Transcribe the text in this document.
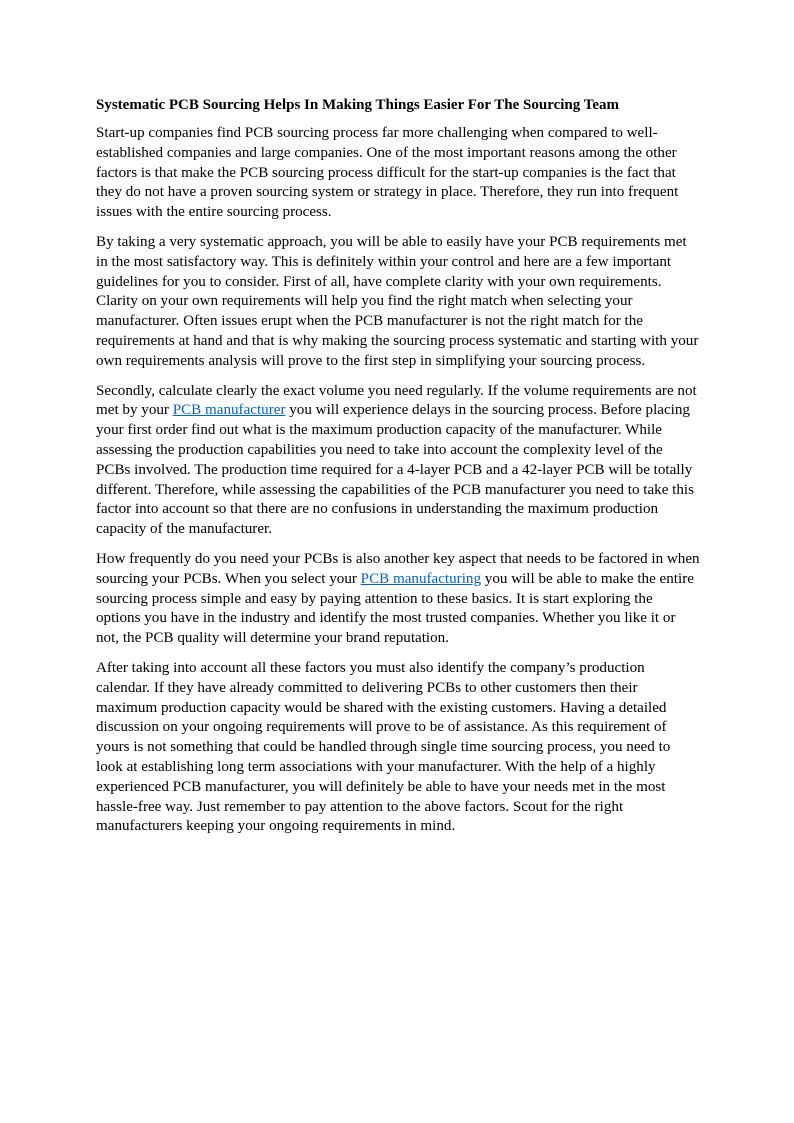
Systematic PCB Sourcing Helps In Making Things Easier For The Sourcing Team

Start-up companies find PCB sourcing process far more challenging when compared to well-established companies and large companies. One of the most important reasons among the other factors is that make the PCB sourcing process difficult for the start-up companies is the fact that they do not have a proven sourcing system or strategy in place. Therefore, they run into frequent issues with the entire sourcing process.

By taking a very systematic approach, you will be able to easily have your PCB requirements met in the most satisfactory way. This is definitely within your control and here are a few important guidelines for you to consider. First of all, have complete clarity with your own requirements. Clarity on your own requirements will help you find the right match when selecting your manufacturer. Often issues erupt when the PCB manufacturer is not the right match for the requirements at hand and that is why making the sourcing process systematic and starting with your own requirements analysis will prove to the first step in simplifying your sourcing process.

Secondly, calculate clearly the exact volume you need regularly. If the volume requirements are not met by your PCB manufacturer you will experience delays in the sourcing process. Before placing your first order find out what is the maximum production capacity of the manufacturer. While assessing the production capabilities you need to take into account the complexity level of the PCBs involved. The production time required for a 4-layer PCB and a 42-layer PCB will be totally different. Therefore, while assessing the capabilities of the PCB manufacturer you need to take this factor into account so that there are no confusions in understanding the maximum production capacity of the manufacturer.

How frequently do you need your PCBs is also another key aspect that needs to be factored in when sourcing your PCBs. When you select your PCB manufacturing you will be able to make the entire sourcing process simple and easy by paying attention to these basics. It is start exploring the options you have in the industry and identify the most trusted companies. Whether you like it or not, the PCB quality will determine your brand reputation.

After taking into account all these factors you must also identify the company’s production calendar. If they have already committed to delivering PCBs to other customers then their maximum production capacity would be shared with the existing customers. Having a detailed discussion on your ongoing requirements will prove to be of assistance. As this requirement of yours is not something that could be handled through single time sourcing process, you need to look at establishing long term associations with your manufacturer. With the help of a highly experienced PCB manufacturer, you will definitely be able to have your needs met in the most hassle-free way. Just remember to pay attention to the above factors. Scout for the right manufacturers keeping your ongoing requirements in mind.
